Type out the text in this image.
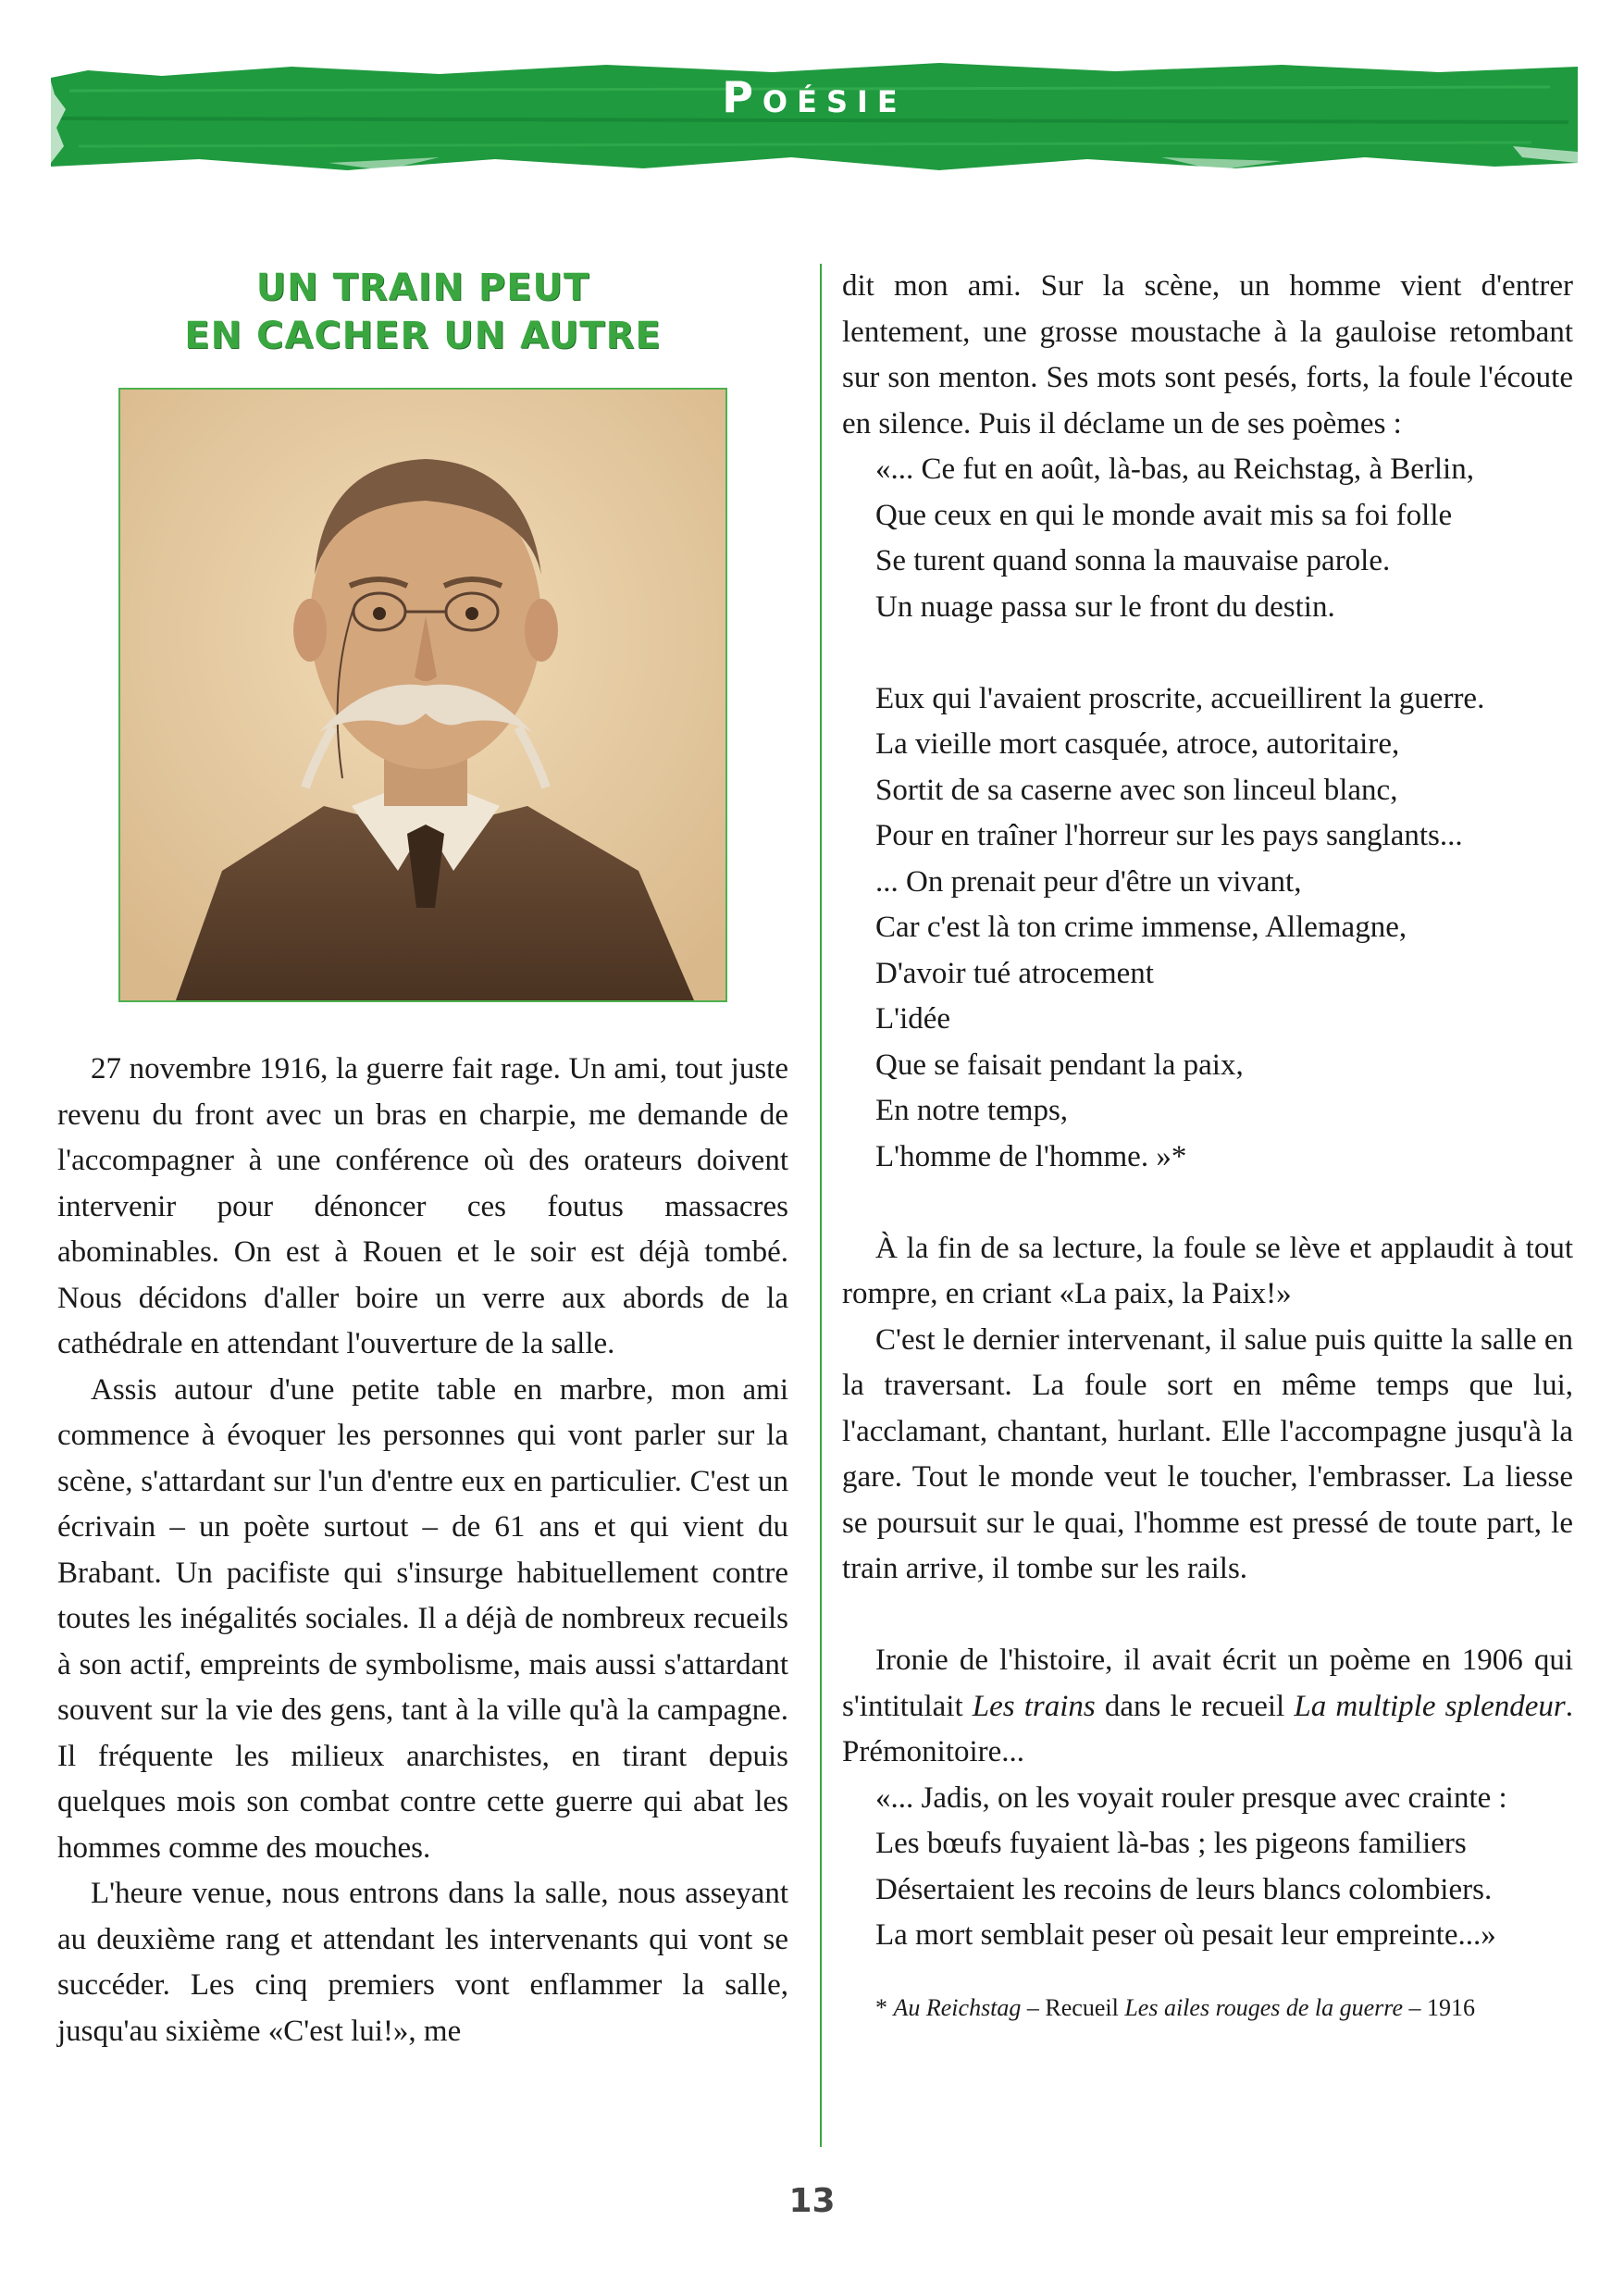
Poésie
UN TRAIN PEUT
EN CACHER UN AUTRE

27 novembre 1916, la guerre fait rage. Un ami, tout juste revenu du front avec un bras en charpie, me demande de l'accompagner à une conférence où des orateurs doivent intervenir pour dénoncer ces foutus massacres abominables. On est à Rouen et le soir est déjà tombé. Nous décidons d'aller boire un verre aux abords de la cathédrale en attendant l'ouverture de la salle.

Assis autour d'une petite table en marbre, mon ami commence à évoquer les personnes qui vont parler sur la scène, s'attardant sur l'un d'entre eux en particulier. C'est un écrivain – un poète surtout – de 61 ans et qui vient du Brabant. Un pacifiste qui s'insurge habituellement contre toutes les inégalités sociales. Il a déjà de nombreux recueils à son actif, empreints de symbolisme, mais aussi s'attardant souvent sur la vie des gens, tant à la ville qu'à la campagne. Il fréquente les milieux anarchistes, en tirant depuis quelques mois son combat contre cette guerre qui abat les hommes comme des mouches.

L'heure venue, nous entrons dans la salle, nous asseyant au deuxième rang et attendant les intervenants qui vont se succéder. Les cinq premiers vont enflammer la salle, jusqu'au sixième «C'est lui!», me

dit mon ami. Sur la scène, un homme vient d'entrer lentement, une grosse moustache à la gauloise retombant sur son menton. Ses mots sont pesés, forts, la foule l'écoute en silence. Puis il déclame un de ses poèmes :

«... Ce fut en août, là-bas, au Reichstag, à Berlin,
Que ceux en qui le monde avait mis sa foi folle
Se turent quand sonna la mauvaise parole.
Un nuage passa sur le front du destin.
Eux qui l'avaient proscrite, accueillirent la guerre.
La vieille mort casquée, atroce, autoritaire,
Sortit de sa caserne avec son linceul blanc,
Pour en traîner l'horreur sur les pays sanglants...
... On prenait peur d'être un vivant,
Car c'est là ton crime immense, Allemagne,
D'avoir tué atrocement
L'idée
Que se faisait pendant la paix,
En notre temps,
L'homme de l'homme. »*

À la fin de sa lecture, la foule se lève et applaudit à tout rompre, en criant «La paix, la Paix!»

C'est le dernier intervenant, il salue puis quitte la salle en la traversant. La foule sort en même temps que lui, l'acclamant, chantant, hurlant. Elle l'accompagne jusqu'à la gare. Tout le monde veut le toucher, l'embrasser. La liesse se poursuit sur le quai, l'homme est pressé de toute part, le train arrive, il tombe sur les rails.

Ironie de l'histoire, il avait écrit un poème en 1906 qui s'intitulait Les trains dans le recueil La multiple splendeur. Prémonitoire...

«... Jadis, on les voyait rouler presque avec crainte :
Les bœufs fuyaient là-bas ; les pigeons familiers
Désertaient les recoins de leurs blancs colombiers.
La mort semblait peser où pesait leur empreinte...»
* Au Reichstag – Recueil Les ailes rouges de la guerre – 1916
13
